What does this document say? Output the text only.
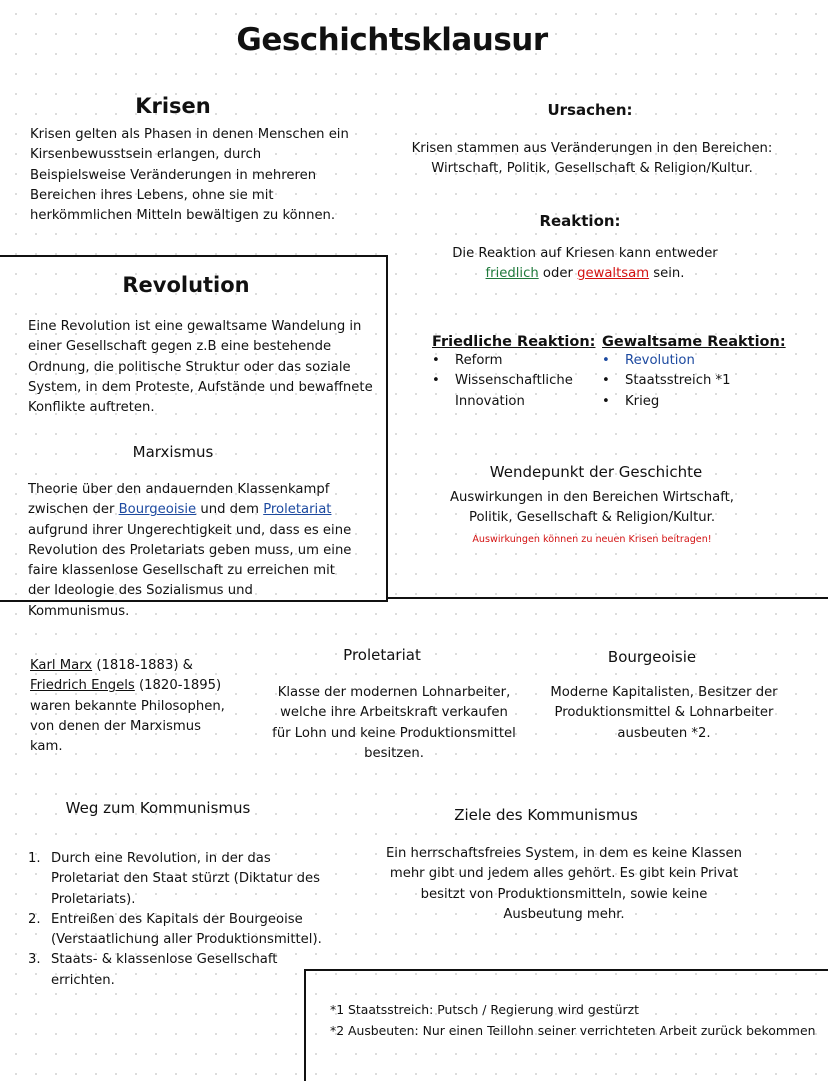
Geschichtsklausur
Krisen
Krisen gelten als Phasen in denen Menschen ein Kirsenbewusstsein erlangen, durch Beispielsweise Veränderungen in mehreren Bereichen ihres Lebens, ohne sie mit herkömmlichen Mitteln bewältigen zu können.
Ursachen:
Krisen stammen aus Veränderungen in den Bereichen:
Wirtschaft, Politik, Gesellschaft & Religion/Kultur.
Reaktion:
Die Reaktion auf Kriesen kann entweder
friedlich oder gewaltsam sein.
Friedliche Reaktion:
• Reform
• Wissenschaftliche Innovation
Gewaltsame Reaktion:
• Revolution
• Staatsstreich *1
• Krieg
Wendepunkt der Geschichte
Auswirkungen in den Bereichen Wirtschaft,
Politik, Gesellschaft & Religion/Kultur.
Auswirkungen können zu neuen Krisen beitragen!
Revolution
Eine Revolution ist eine gewaltsame Wandelung in einer Gesellschaft gegen z.B eine bestehende Ordnung, die politische Struktur oder das soziale System, in dem Proteste, Aufstände und bewaffnete Konflikte auftreten.
Marxismus
Theorie über den andauernden Klassenkampf zwischen der Bourgeoisie und dem Proletariat aufgrund ihrer Ungerechtigkeit und, dass es eine Revolution des Proletariats geben muss, um eine faire klassenlose Gesellschaft zu erreichen mit der Ideologie des Sozialismus und Kommunismus.
Karl Marx (1818-1883) &
Friedrich Engels (1820-1895)
waren bekannte Philosophen, von denen der Marxismus kam.
Proletariat
Klasse der modernen Lohnarbeiter, welche ihre Arbeitskraft verkaufen für Lohn und keine Produktionsmittel besitzen.
Bourgeoisie
Moderne Kapitalisten, Besitzer der Produktionsmittel & Lohnarbeiter ausbeuten *2.
Weg zum Kommunismus
1. Durch eine Revolution, in der das Proletariat den Staat stürzt (Diktatur des Proletariats).
2. Entreißen des Kapitals der Bourgeoise (Verstaatlichung aller Produktionsmittel).
3. Staats- & klassenlose Gesellschaft errichten.
Ziele des Kommunismus
Ein herrschaftsfreies System, in dem es keine Klassen mehr gibt und jedem alles gehört. Es gibt kein Privat besitzt von Produktionsmitteln, sowie keine Ausbeutung mehr.
*1 Staatsstreich: Putsch / Regierung wird gestürzt
*2 Ausbeuten: Nur einen Teillohn seiner verrichteten Arbeit zurück bekommen
